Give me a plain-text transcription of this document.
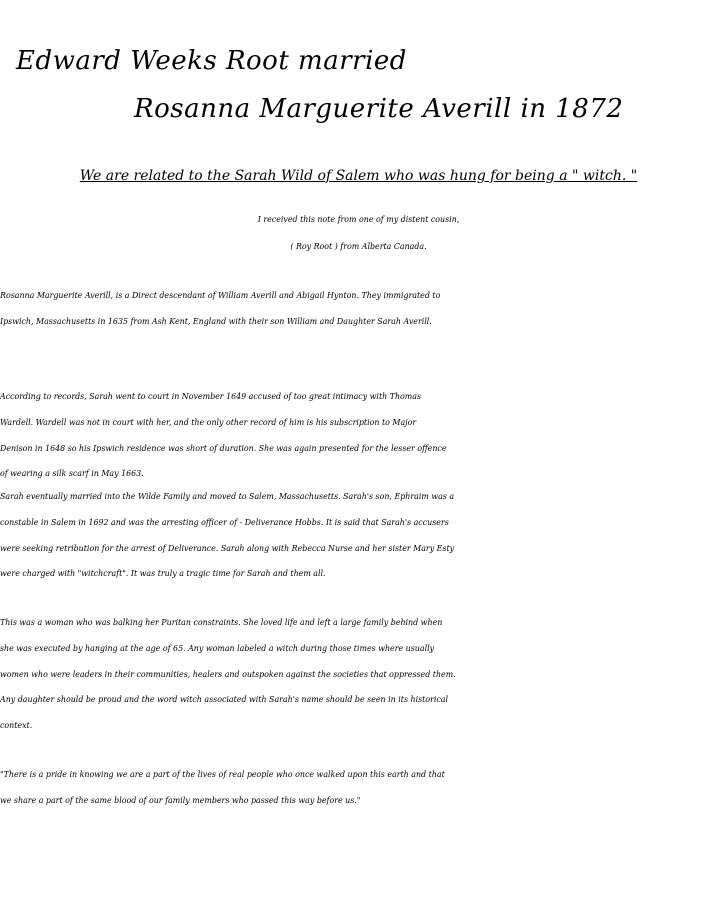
Edward Weeks Root married
Rosanna Marguerite Averill in 1872
We are related to the Sarah Wild of Salem who was hung for being a " witch. "
I received this note from one of my distent cousin,
( Roy Root ) from Alberta Canada.
Rosanna Marguerite Averill, is a Direct descendant of William Averill and Abigail Hynton. They immigrated to
Ipswich, Massachusetts in 1635 from Ash Kent, England with their son William and Daughter Sarah Averill.
According to records, Sarah went to court in November 1649 accused of too great intimacy with Thomas
Wardell. Wardell was not in court with her, and the only other record of him is his subscription to Major
Denison in 1648 so his Ipswich residence was short of duration. She was again presented for the lesser offence
of wearing a silk scarf in May 1663.
Sarah eventually married into the Wilde Family and moved to Salem, Massachusetts. Sarah's son, Ephraim was a
constable in Salem in 1692 and was the arresting officer of - Deliverance Hobbs. It is said that Sarah's accusers
were seeking retribution for the arrest of Deliverance. Sarah along with Rebecca Nurse and her sister Mary Esty
were charged with "witchcraft". It was truly a tragic time for Sarah and them all.
This was a woman who was balking her Puritan constraints. She loved life and left a large family behind when
she was executed by hanging at the age of 65. Any woman labeled a witch during those times where usually
women who were leaders in their communities, healers and outspoken against the societies that oppressed them.
Any daughter should be proud and the word witch associated with Sarah's name should be seen in its historical
context.
"There is a pride in knowing we are a part of the lives of real people who once walked upon this earth and that
we share a part of the same blood of our family members who passed this way before us."
